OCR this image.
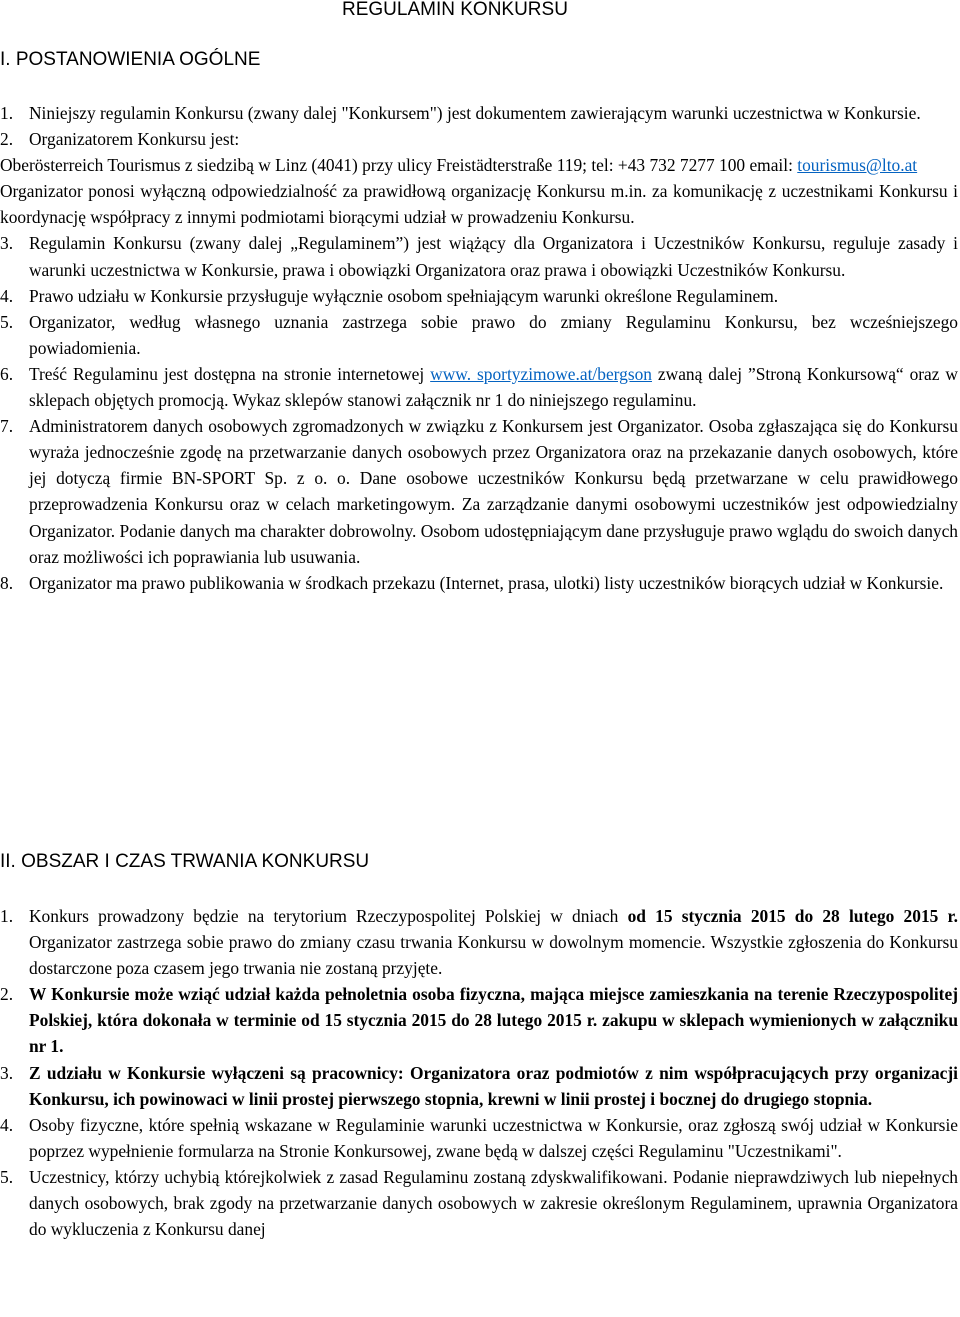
REGULAMIN KONKURSU
I. POSTANOWIENIA OGÓLNE
1. Niniejszy regulamin Konkursu (zwany dalej "Konkursem") jest dokumentem zawierającym warunki uczestnictwa w Konkursie.
2. Organizatorem Konkursu jest:
Oberösterreich Tourismus z siedzibą w Linz (4041) przy ulicy Freistädterstraße 119; tel: +43 732 7277 100 email: tourismus@lto.at
Organizator ponosi wyłączną odpowiedzialność za prawidłową organizację Konkursu m.in. za komunikację z uczestnikami Konkursu i koordynację współpracy z innymi podmiotami biorącymi udział w prowadzeniu Konkursu.
3. Regulamin Konkursu (zwany dalej „Regulaminem”) jest wiążący dla Organizatora i Uczestników Konkursu, reguluje zasady i warunki uczestnictwa w Konkursie, prawa i obowiązki Organizatora oraz prawa i obowiązki Uczestników Konkursu.
4. Prawo udziału w Konkursie przysługuje wyłącznie osobom spełniającym warunki określone Regulaminem.
5. Organizator, według własnego uznania zastrzega sobie prawo do zmiany Regulaminu Konkursu, bez wcześniejszego powiadomienia.
6. Treść Regulaminu jest dostępna na stronie internetowej www. sportyzimowe.at/bergson zwaną dalej ”Stroną Konkursową“ oraz w sklepach objętych promocją. Wykaz sklepów stanowi załącznik nr 1 do niniejszego regulaminu.
7. Administratorem danych osobowych zgromadzonych w związku z Konkursem jest Organizator. Osoba zgłaszająca się do Konkursu wyraża jednocześnie zgodę na przetwarzanie danych osobowych przez Organizatora oraz na przekazanie danych osobowych, które jej dotyczą firmie BN-SPORT Sp. z o. o. Dane osobowe uczestników Konkursu będą przetwarzane w celu prawidłowego przeprowadzenia Konkursu oraz w celach marketingowym. Za zarządzanie danymi osobowymi uczestników jest odpowiedzialny Organizator. Podanie danych ma charakter dobrowolny. Osobom udostępniającym dane przysługuje prawo wglądu do swoich danych oraz możliwości ich poprawiania lub usuwania.
8. Organizator ma prawo publikowania w środkach przekazu (Internet, prasa, ulotki) listy uczestników biorących udział w Konkursie.
II. OBSZAR I CZAS TRWANIA KONKURSU
1. Konkurs prowadzony będzie na terytorium Rzeczypospolitej Polskiej w dniach od 15 stycznia 2015 do 28 lutego 2015 r. Organizator zastrzega sobie prawo do zmiany czasu trwania Konkursu w dowolnym momencie. Wszystkie zgłoszenia do Konkursu dostarczone poza czasem jego trwania nie zostaną przyjęte.
2. W Konkursie może wziąć udział każda pełnoletnia osoba fizyczna, mająca miejsce zamieszkania na terenie Rzeczypospolitej Polskiej, która dokonała w terminie od 15 stycznia 2015 do 28 lutego 2015 r. zakupu w sklepach wymienionych w załączniku nr 1.
3. Z udziału w Konkursie wyłączeni są pracownicy: Organizatora oraz podmiotów z nim współpracujących przy organizacji Konkursu, ich powinowaci w linii prostej pierwszego stopnia, krewni w linii prostej i bocznej do drugiego stopnia.
4. Osoby fizyczne, które spełnią wskazane w Regulaminie warunki uczestnictwa w Konkursie, oraz zgłoszą swój udział w Konkursie poprzez wypełnienie formularza na Stronie Konkursowej, zwane będą w dalszej części Regulaminu "Uczestnikami".
5. Uczestnicy, którzy uchybią którejkolwiek z zasad Regulaminu zostaną zdyskwalifikowani. Podanie nieprawdziwych lub niepełnych danych osobowych, brak zgody na przetwarzanie danych osobowych w zakresie określonym Regulaminem, uprawnia Organizatora do wykluczenia z Konkursu danej
